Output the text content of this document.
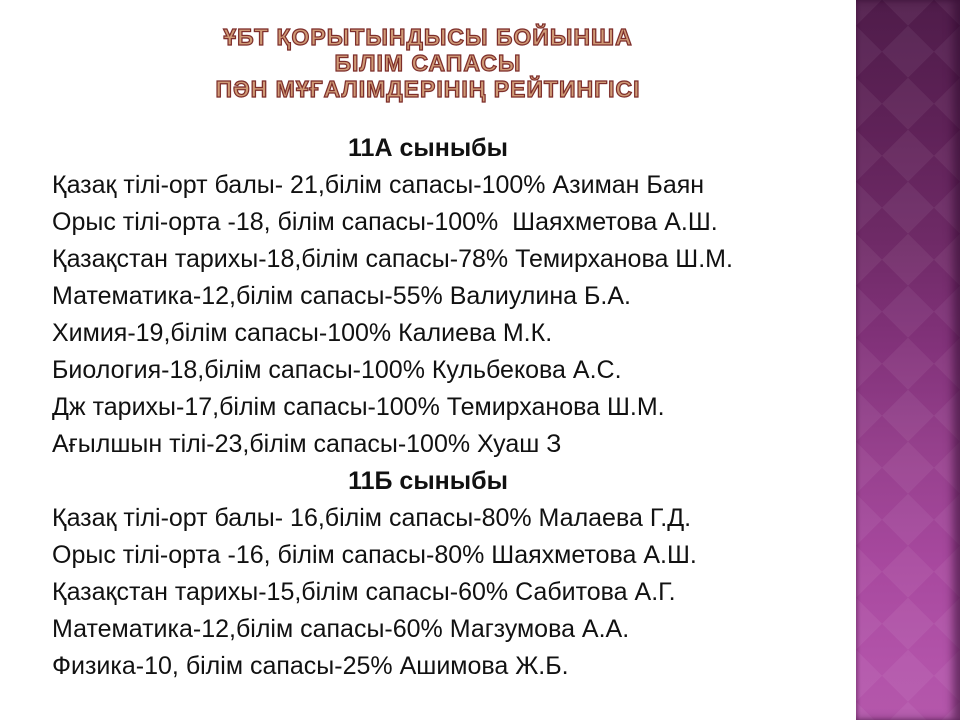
ҰБТ ҚОРЫТЫНДЫСЫ БОЙЫНША
БІЛІМ САПАСЫ
ПӘН МҰҒАЛІМДЕРІНІҢ РЕЙТИНГІСІ
11А сыныбы
Қазақ тілі-орт балы- 21,білім сапасы-100% Азиман Баян
Орыс тілі-орта -18, білім сапасы-100%  Шаяхметова А.Ш.
Қазақстан тарихы-18,білім сапасы-78% Темирханова Ш.М.
Математика-12,білім сапасы-55% Валиулина Б.А.
Химия-19,білім сапасы-100% Калиева М.К.
Биология-18,білім сапасы-100% Кульбекова А.С.
Дж тарихы-17,білім сапасы-100% Темирханова Ш.М.
Ағылшын тілі-23,білім сапасы-100% Хуаш З
11Б сыныбы
Қазақ тілі-орт балы- 16,білім сапасы-80% Малаева Г.Д.
Орыс тілі-орта -16, білім сапасы-80% Шаяхметова А.Ш.
Қазақстан тарихы-15,білім сапасы-60% Сабитова А.Г.
Математика-12,білім сапасы-60% Магзумова А.А.
Физика-10, білім сапасы-25% Ашимова Ж.Б.
